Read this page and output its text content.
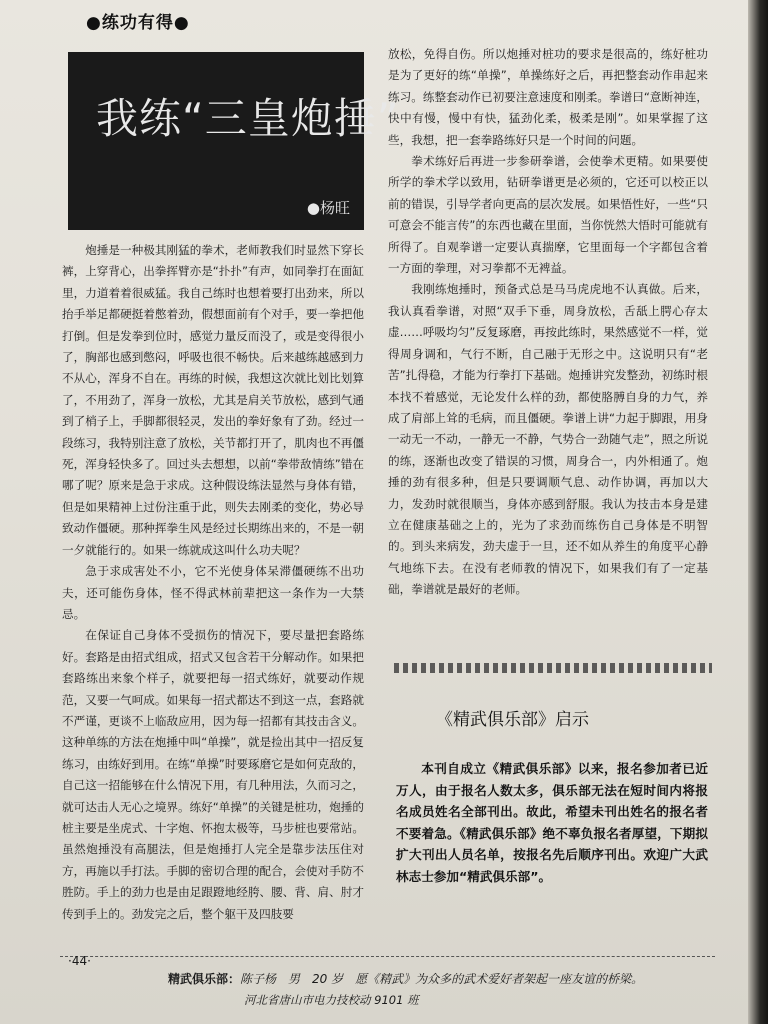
●练功有得●
我练“三皇炮捶”
●杨旺

炮捶是一种极其刚猛的拳术，老师教我们时显然下穿长裤，上穿背心，出拳挥臂亦是“扑扑”有声，如同拳打在面缸里，力道着着很威猛。我自己练时也想着要打出劲来，所以抬手举足都硬挺着憋着劲，假想面前有个对手，要一拳把他打倒。但是发拳到位时，感觉力量反而没了，或是变得很小了，胸部也感到憋闷，呼吸也很不畅快。后来越练越感到力不从心，浑身不自在。再练的时候，我想这次就比划比划算了，不用劲了，浑身一放松，尤其是肩关节放松，感到气通到了梢子上，手脚都很轻灵，发出的拳好象有了劲。经过一段练习，我特别注意了放松，关节都打开了，肌肉也不再僵死，浑身轻快多了。回过头去想想，以前“拳带敌情练”错在哪了呢？原来是急于求成。这种假设练法显然与身体有错，但是如果精神上过份注重于此，则失去刚柔的变化，势必导致动作僵硬。那种挥拳生风是经过长期练出来的，不是一朝一夕就能行的。如果一练就成这叫什么功夫呢？

急于求成害处不小，它不光使身体呆滞僵硬练不出功夫，还可能伤身体，怪不得武林前辈把这一条作为一大禁忌。

在保证自己身体不受损伤的情况下，要尽量把套路练好。套路是由招式组成，招式又包含若干分解动作。如果把套路练出来象个样子，就要把每一招式练好，就要动作规范，又要一气呵成。如果每一招式都达不到这一点，套路就不严谨，更谈不上临敌应用，因为每一招都有其技击含义。这种单练的方法在炮捶中叫“单操”，就是捡出其中一招反复练习，由练好到用。在练“单操”时要琢磨它是如何克敌的，自己这一招能够在什么情况下用，有几种用法，久而习之，就可达击人无心之境界。练好“单操”的关键是桩功，炮捶的桩主要是坐虎式、十字炮、怀抱太极等，马步桩也要常站。虽然炮捶没有高腿法，但是炮捶打人完全是靠步法压住对方，再施以手打法。手脚的密切合理的配合，会使对手防不胜防。手上的劲力也是由足跟蹬地经胯、腰、背、肩、肘才传到手上的。劲发完之后，整个躯干及四肢要

放松，免得自伤。所以炮捶对桩功的要求是很高的，练好桩功是为了更好的练“单操”，单操练好之后，再把整套动作串起来练习。练整套动作已初要注意速度和刚柔。拳谱曰“意断神连，快中有慢，慢中有快，猛劲化柔，极柔是刚”。如果掌握了这些，我想，把一套拳路练好只是一个时间的问题。

拳术练好后再进一步参研拳谱，会使拳术更精。如果要使所学的拳术学以致用，钻研拳谱更是必须的，它还可以校正以前的错误，引导学者向更高的层次发展。如果悟性好，一些“只可意会不能言传”的东西也藏在里面，当你恍然大悟时可能就有所得了。自观拳谱一定要认真揣摩，它里面每一个字都包含着一方面的拳理，对习拳都不无裨益。

我刚练炮捶时，预备式总是马马虎虎地不认真做。后来，我认真看拳谱，对照“双手下垂，周身放松，舌舐上腭心存太虚……呼吸均匀”反复琢磨，再按此练时，果然感觉不一样，觉得周身调和，气行不断，自己融于无形之中。这说明只有“老苦”扎得稳，才能为行拳打下基础。炮捶讲究发整劲，初练时根本找不着感觉，无论发什么样的劲，都使胳膊自身的力气，养成了肩部上耸的毛病，而且僵硬。拳谱上讲“力起于脚跟，用身一动无一不动，一静无一不静，气势合一劲随气走”，照之所说的练，逐渐也改变了错误的习惯，周身合一，内外相通了。炮捶的劲有很多种，但是只要调顺气息、动作协调，再加以大力，发劲时就很顺当，身体亦感到舒服。我认为技击本身是建立在健康基础之上的，光为了求劲而练伤自己身体是不明智的。到头来病发，劲夫虚于一旦，还不如从养生的角度平心静气地练下去。在没有老师教的情况下，如果我们有了一定基础，拳谱就是最好的老师。

《精武俱乐部》启示

本刊自成立《精武俱乐部》以来，报名参加者已近万人，由于报名人数太多，俱乐部无法在短时间内将报名成员姓名全部刊出。故此，希望未刊出姓名的报名者不要着急。《精武俱乐部》绝不辜负报名者厚望，下期拟扩大刊出人员名单，按报名先后顺序刊出。欢迎广大武林志士参加“精武俱乐部”。

·44·
精武俱乐部：陈子杨　男　20 岁　愿《精武》为众多的武术爱好者架起一座友谊的桥梁。
河北省唐山市电力技校动 9101 班
